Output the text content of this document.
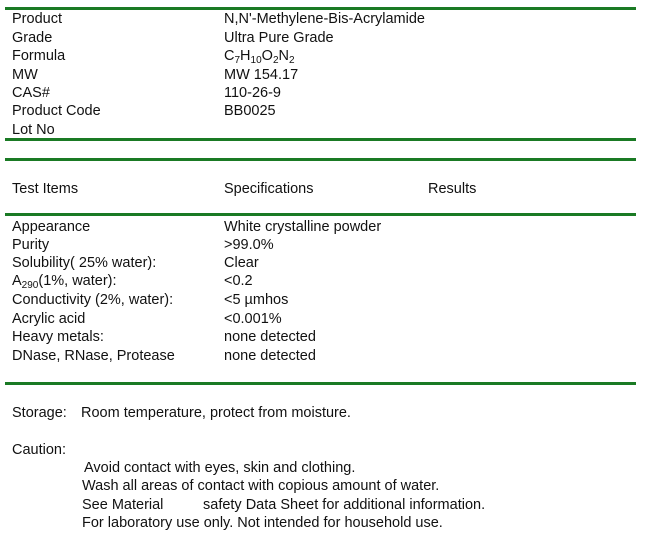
Product	N,N'-Methylene-Bis-Acrylamide
Grade	Ultra Pure Grade
Formula	$C_7H_{10}O_2N_2$
MW	MW 154.17
CAS#	110-26-9
Product Code	BB0025
Lot No
Test Items	Specifications	Results
Appearance	White crystalline powder
Purity	>99.0%
Solubility( 25% water):	Clear
$A_{290}(1\%$, water):	<0.2
Conductivity (2%, water):	<5 µmhos
Acrylic acid	<0.001%
Heavy metals:	none detected
DNase, RNase, Protease	none detected
Storage: Room temperature, protect from moisture.
Caution:
Avoid contact with eyes, skin and clothing.
Wash all areas of contact with copious amount of water.
See Material	safety Data Sheet for additional information.
For laboratory use only. Not intended for household use.
